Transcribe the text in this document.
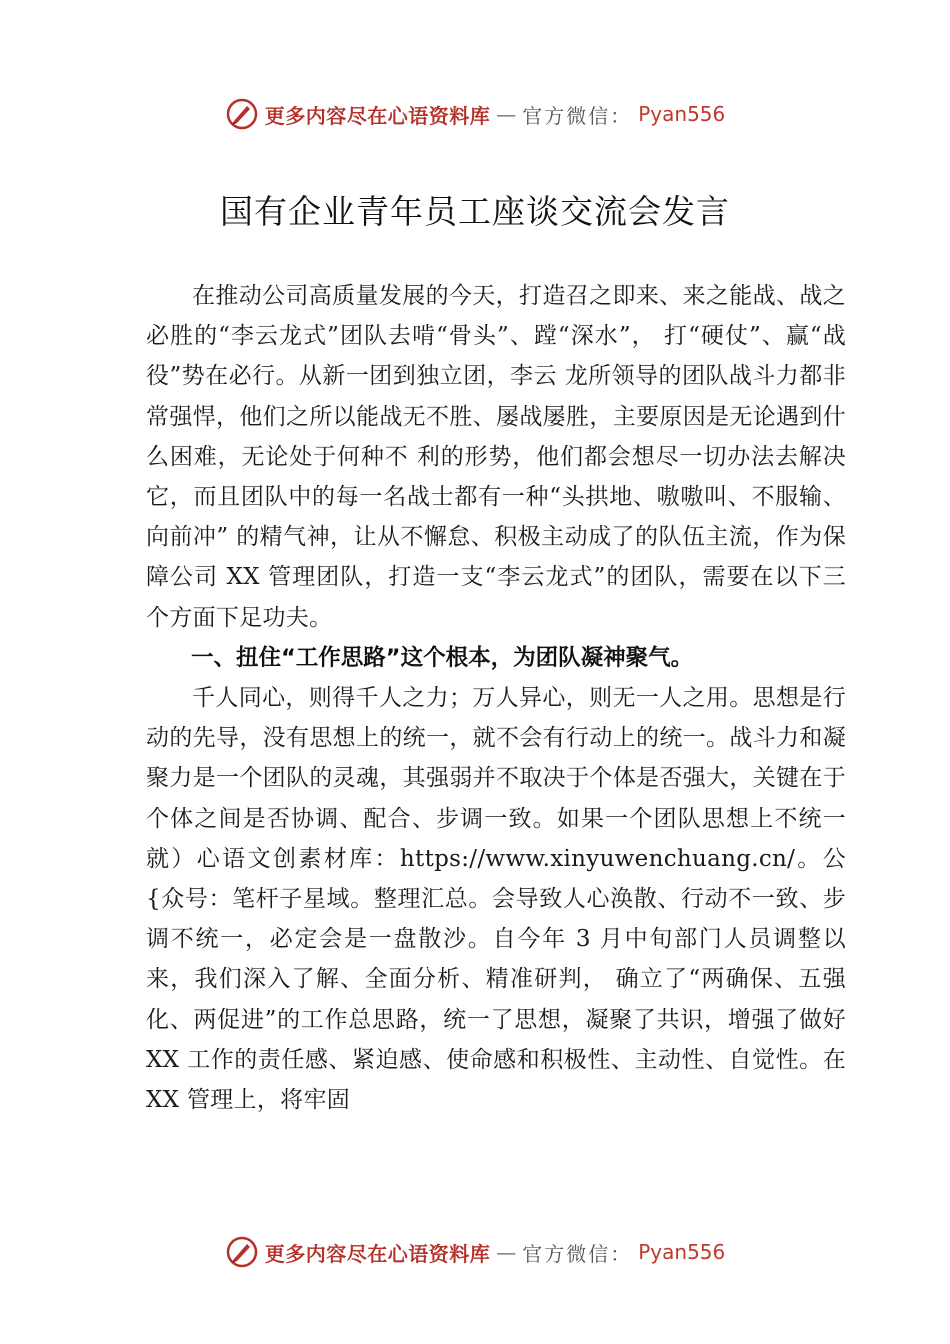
更多内容尽在心语资料库 — 官方微信： Pyan556
国有企业青年员工座谈交流会发言

在推动公司高质量发展的今天，打造召之即来、来之能战、战之必胜的“李云龙式”团队去啃“骨头”、蹚“深水”， 打“硬仗”、赢“战役”势在必行。从新一团到独立团，李云 龙所领导的团队战斗力都非常强悍，他们之所以能战无不胜、屡战屡胜，主要原因是无论遇到什么困难，无论处于何种不 利的形势，他们都会想尽一切办法去解决它，而且团队中的每一名战士都有一种“头拱地、嗷嗷叫、不服输、向前冲” 的精气神，让从不懈怠、积极主动成了的队伍主流，作为保 障公司 XX 管理团队，打造一支“李云龙式”的团队，需要在以下三个方面下足功夫。

一、扭住“工作思路”这个根本，为团队凝神聚气。

千人同心，则得千人之力；万人异心，则无一人之用。思想是行动的先导，没有思想上的统一，就不会有行动上的统一。战斗力和凝聚力是一个团队的灵魂，其强弱并不取决于个体是否强大，关键在于个体之间是否协调、配合、步调一致。如果一个团队思想上不统一就）心语文创素材库：https://www.xinyuwenchuang.cn/。公{众号：笔杆子星域。整理汇总。会导致人心涣散、行动不一致、步调不统一，必定会是一盘散沙。自今年 3 月中旬部门人员调整以来，我们深入了解、全面分析、精准研判， 确立了“两确保、五强化、两促进”的工作总思路，统一了思想，凝聚了共识，增强了做好 XX 工作的责任感、紧迫感、使命感和积极性、主动性、自觉性。在 XX 管理上，将牢固

更多内容尽在心语资料库 — 官方微信： Pyan556
